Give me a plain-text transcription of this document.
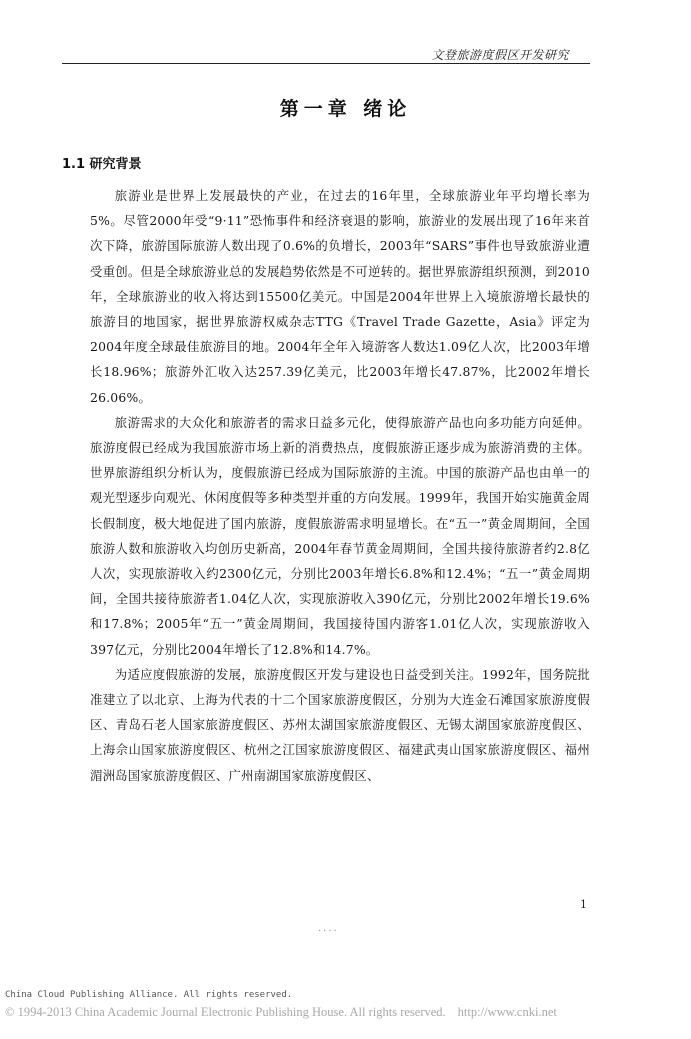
文登旅游度假区开发研究
第一章 绪论
1.1 研究背景

旅游业是世界上发展最快的产业，在过去的16年里，全球旅游业年平均增长率为5%。尽管2000年受“9·11”恐怖事件和经济衰退的影响，旅游业的发展出现了16年来首次下降，旅游国际旅游人数出现了0.6%的负增长，2003年“SARS”事件也导致旅游业遭受重创。但是全球旅游业总的发展趋势依然是不可逆转的。据世界旅游组织预测，到2010年，全球旅游业的收入将达到15500亿美元。中国是2004年世界上入境旅游增长最快的旅游目的地国家，据世界旅游权威杂志TTG《Travel Trade Gazette，Asia》评定为2004年度全球最佳旅游目的地。2004年全年入境游客人数达1.09亿人次，比2003年增长18.96%；旅游外汇收入达257.39亿美元，比2003年增长47.87%，比2002年增长26.06%。

旅游需求的大众化和旅游者的需求日益多元化，使得旅游产品也向多功能方向延伸。旅游度假已经成为我国旅游市场上新的消费热点，度假旅游正逐步成为旅游消费的主体。世界旅游组织分析认为，度假旅游已经成为国际旅游的主流。中国的旅游产品也由单一的观光型逐步向观光、休闲度假等多种类型并重的方向发展。1999年，我国开始实施黄金周长假制度，极大地促进了国内旅游，度假旅游需求明显增长。在“五一”黄金周期间，全国旅游人数和旅游收入均创历史新高，2004年春节黄金周期间，全国共接待旅游者约2.8亿人次，实现旅游收入约2300亿元，分别比2003年增长6.8%和12.4%；“五一”黄金周期间，全国共接待旅游者1.04亿人次，实现旅游收入390亿元，分别比2002年增长19.6%和17.8%；2005年“五一”黄金周期间，我国接待国内游客1.01亿人次，实现旅游收入397亿元，分别比2004年增长了12.8%和14.7%。

为适应度假旅游的发展，旅游度假区开发与建设也日益受到关注。1992年，国务院批准建立了以北京、上海为代表的十二个国家旅游度假区，分别为大连金石滩国家旅游度假区、青岛石老人国家旅游度假区、苏州太湖国家旅游度假区、无锡太湖国家旅游度假区、上海佘山国家旅游度假区、杭州之江国家旅游度假区、福建武夷山国家旅游度假区、福州湄洲岛国家旅游度假区、广州南湖国家旅游度假区、

1
....
China Cloud Publishing Alliance. All rights reserved.
© 1994-2013 China Academic Journal Electronic Publishing House. All rights reserved. http://www.cnki.net
